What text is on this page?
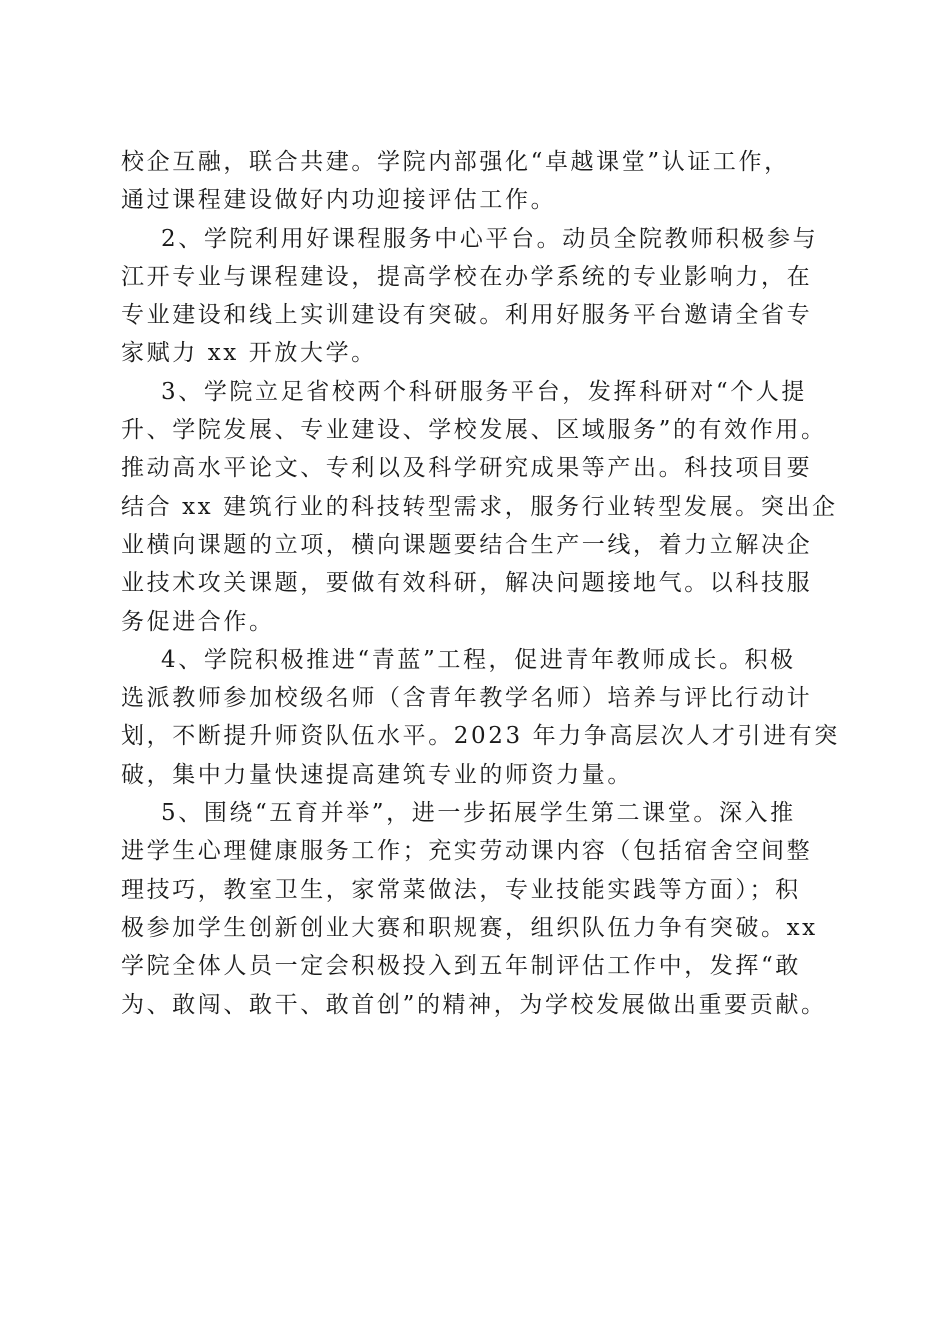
校企互融，联合共建。学院内部强化“卓越课堂”认证工作，
通过课程建设做好内功迎接评估工作。
2、学院利用好课程服务中心平台。动员全院教师积极参与
江开专业与课程建设，提高学校在办学系统的专业影响力，在
专业建设和线上实训建设有突破。利用好服务平台邀请全省专
家赋力 xx 开放大学。
3、学院立足省校两个科研服务平台，发挥科研对“个人提
升、学院发展、专业建设、学校发展、区域服务”的有效作用。
推动高水平论文、专利以及科学研究成果等产出。科技项目要
结合 xx 建筑行业的科技转型需求，服务行业转型发展。突出企
业横向课题的立项，横向课题要结合生产一线，着力立解决企
业技术攻关课题，要做有效科研，解决问题接地气。以科技服
务促进合作。
4、学院积极推进“青蓝”工程，促进青年教师成长。积极
选派教师参加校级名师（含青年教学名师）培养与评比行动计
划，不断提升师资队伍水平。2023 年力争高层次人才引进有突
破，集中力量快速提高建筑专业的师资力量。
5、围绕“五育并举”，进一步拓展学生第二课堂。深入推
进学生心理健康服务工作；充实劳动课内容（包括宿舍空间整
理技巧，教室卫生，家常菜做法，专业技能实践等方面）；积
极参加学生创新创业大赛和职规赛，组织队伍力争有突破。xx
学院全体人员一定会积极投入到五年制评估工作中，发挥“敢
为、敢闯、敢干、敢首创”的精神，为学校发展做出重要贡献。
